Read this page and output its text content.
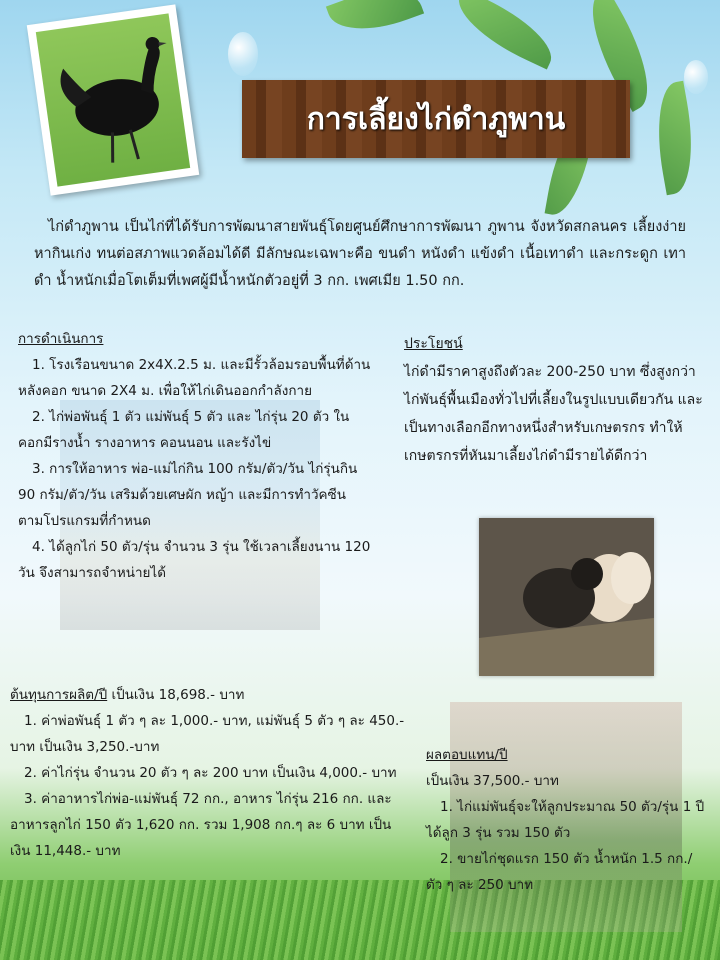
การเลี้ยงไก่ดำภูพาน

ไก่ดำภูพาน เป็นไก่ที่ได้รับการพัฒนาสายพันธุ์โดยศูนย์ศึกษาการพัฒนา ภูพาน จังหวัดสกลนคร เลี้ยงง่าย หากินเก่ง ทนต่อสภาพแวดล้อมได้ดี มีลักษณะเฉพาะคือ ขนดำ หนังดำ แข้งดำ เนื้อเทาดำ และกระดูก เทาดำ น้ำหนักเมื่อโตเต็มที่เพศผู้มีน้ำหนักตัวอยู่ที่ 3 กก. เพศเมีย 1.50 กก.

การดำเนินการ
1. โรงเรือนขนาด 2x4X.2.5 ม. และมีรั้วล้อมรอบพื้นที่ด้านหลังคอก ขนาด 2X4 ม. เพื่อให้ไก่เดินออกกำลังกาย
2. ไก่พ่อพันธุ์ 1 ตัว แม่พันธุ์ 5 ตัว และ ไก่รุ่น 20 ตัว ในคอกมีรางน้ำ รางอาหาร คอนนอน และรังไข่
3. การให้อาหาร พ่อ-แม่ไก่กิน 100 กรัม/ตัว/วัน ไก่รุ่นกิน 90 กรัม/ตัว/วัน เสริมด้วยเศษผัก หญ้า และมีการทำวัคซีน ตามโปรแกรมที่กำหนด
4. ได้ลูกไก่ 50 ตัว/รุ่น จำนวน 3 รุ่น ใช้เวลาเลี้ยงนาน 120 วัน จึงสามารถจำหน่ายได้
ประโยชน์
ไก่ดำมีราคาสูงถึงตัวละ 200-250 บาท ซึ่งสูงกว่าไก่พันธุ์พื้นเมืองทั่วไปที่เลี้ยงในรูปแบบเดียวกัน และเป็นทางเลือกอีกทางหนึ่งสำหรับเกษตรกร ทำให้เกษตรกรที่หันมาเลี้ยงไก่ดำมีรายได้ดีกว่า
ต้นทุนการผลิต/ปี เป็นเงิน 18,698.- บาท
1. ค่าพ่อพันธุ์ 1 ตัว ๆ ละ 1,000.- บาท, แม่พันธุ์ 5 ตัว ๆ ละ 450.- บาท เป็นเงิน 3,250.-บาท
2. ค่าไก่รุ่น จำนวน 20 ตัว ๆ ละ 200 บาท เป็นเงิน 4,000.- บาท
3. ค่าอาหารไก่พ่อ-แม่พันธุ์ 72 กก., อาหาร ไก่รุ่น 216 กก. และอาหารลูกไก่ 150 ตัว 1,620 กก. รวม 1,908 กก.ๆ ละ 6 บาท เป็นเงิน 11,448.- บาท
ผลตอบแทน/ปี
เป็นเงิน 37,500.- บาท
1. ไก่แม่พันธุ์จะให้ลูกประมาณ 50 ตัว/รุ่น 1 ปี ได้ลูก 3 รุ่น รวม 150 ตัว
2. ขายไก่ชุดแรก 150 ตัว น้ำหนัก 1.5 กก./ตัว ๆ ละ 250 บาท
